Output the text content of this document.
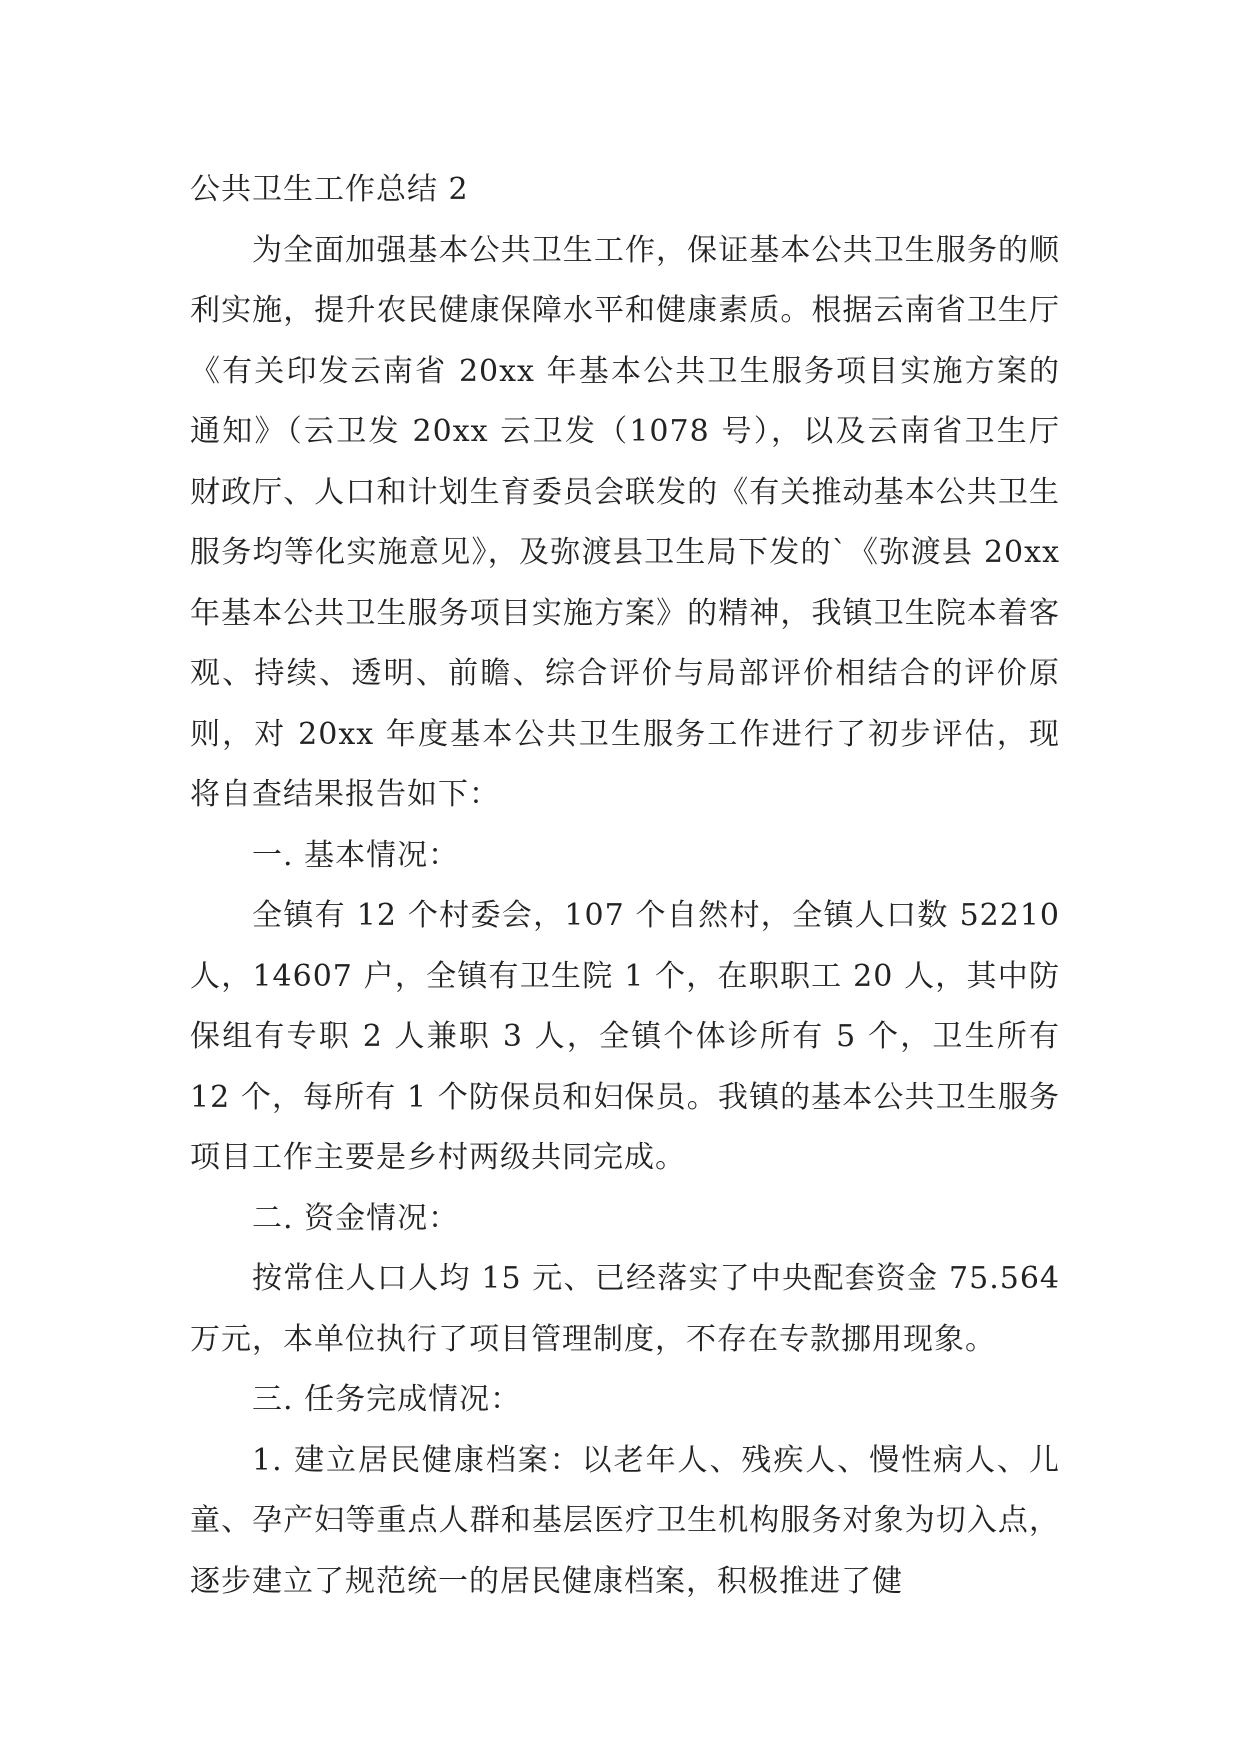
公共卫生工作总结 2

为全面加强基本公共卫生工作，保证基本公共卫生服务的顺利实施，提升农民健康保障水平和健康素质。根据云南省卫生厅《有关印发云南省 20xx 年基本公共卫生服务项目实施方案的通知》（云卫发 20xx 云卫发（1078 号），以及云南省卫生厅财政厅、人口和计划生育委员会联发的《有关推动基本公共卫生服务均等化实施意见》，及弥渡县卫生局下发的`《弥渡县 20xx 年基本公共卫生服务项目实施方案》的精神，我镇卫生院本着客观、持续、透明、前瞻、综合评价与局部评价相结合的评价原则，对 20xx 年度基本公共卫生服务工作进行了初步评估，现将自查结果报告如下：

一. 基本情况：

全镇有 12 个村委会，107 个自然村，全镇人口数 52210 人，14607 户，全镇有卫生院 1 个，在职职工 20 人，其中防保组有专职 2 人兼职 3 人，全镇个体诊所有 5 个，卫生所有 12 个，每所有 1 个防保员和妇保员。我镇的基本公共卫生服务项目工作主要是乡村两级共同完成。

二. 资金情况：

按常住人口人均 15 元、已经落实了中央配套资金 75.564 万元，本单位执行了项目管理制度，不存在专款挪用现象。

三. 任务完成情况：

1. 建立居民健康档案：以老年人、残疾人、慢性病人、儿童、孕产妇等重点人群和基层医疗卫生机构服务对象为切入点，逐步建立了规范统一的居民健康档案，积极推进了健
